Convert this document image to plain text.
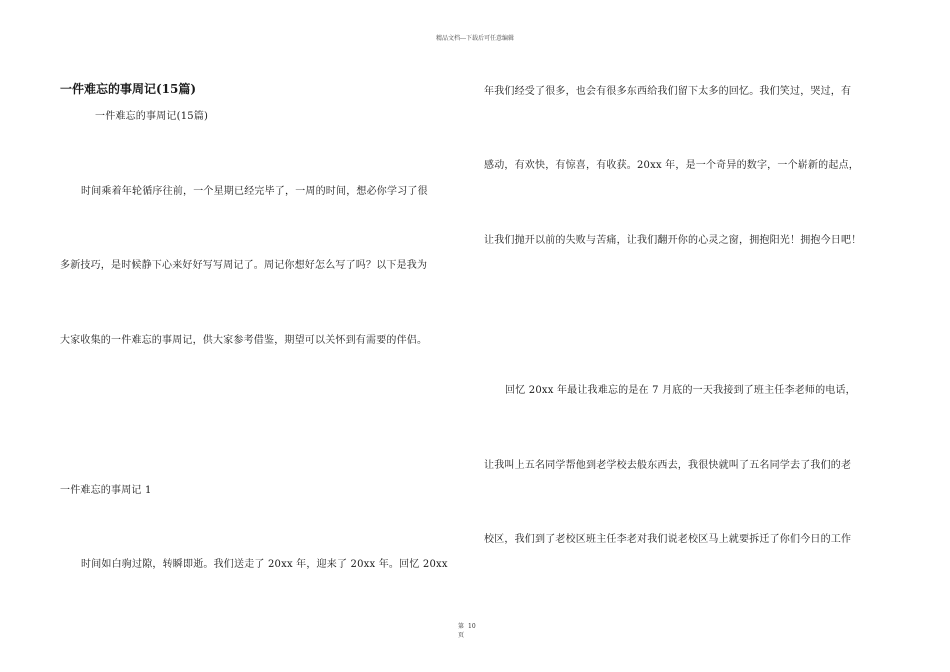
精品文档---下载后可任意编辑
一件难忘的事周记(15篇)
一件难忘的事周记(15篇)
时间乘着年轮循序往前，一个星期已经完毕了，一周的时间，想必你学习了很
多新技巧，是时候静下心来好好写写周记了。周记你想好怎么写了吗？以下是我为
大家收集的一件难忘的事周记，供大家参考借鉴，期望可以关怀到有需要的伴侣。
一件难忘的事周记 1
时间如白驹过隙，转瞬即逝。我们送走了 20xx 年，迎来了 20xx 年。回忆 20xx
年我们经受了很多，也会有很多东西给我们留下太多的回忆。我们笑过，哭过，有
感动，有欢快，有惊喜，有收获。20xx 年，是一个奇异的数字，一个崭新的起点，
让我们抛开以前的失败与苦痛，让我们翻开你的心灵之窗，拥抱阳光！拥抱今日吧！
回忆 20xx 年最让我难忘的是在 7 月底的一天我接到了班主任李老师的电话，
让我叫上五名同学帮他到老学校去般东西去，我很快就叫了五名同学去了我们的老
校区，我们到了老校区班主任李老对我们说老校区马上就要拆迁了你们今日的工作
第 10
页
